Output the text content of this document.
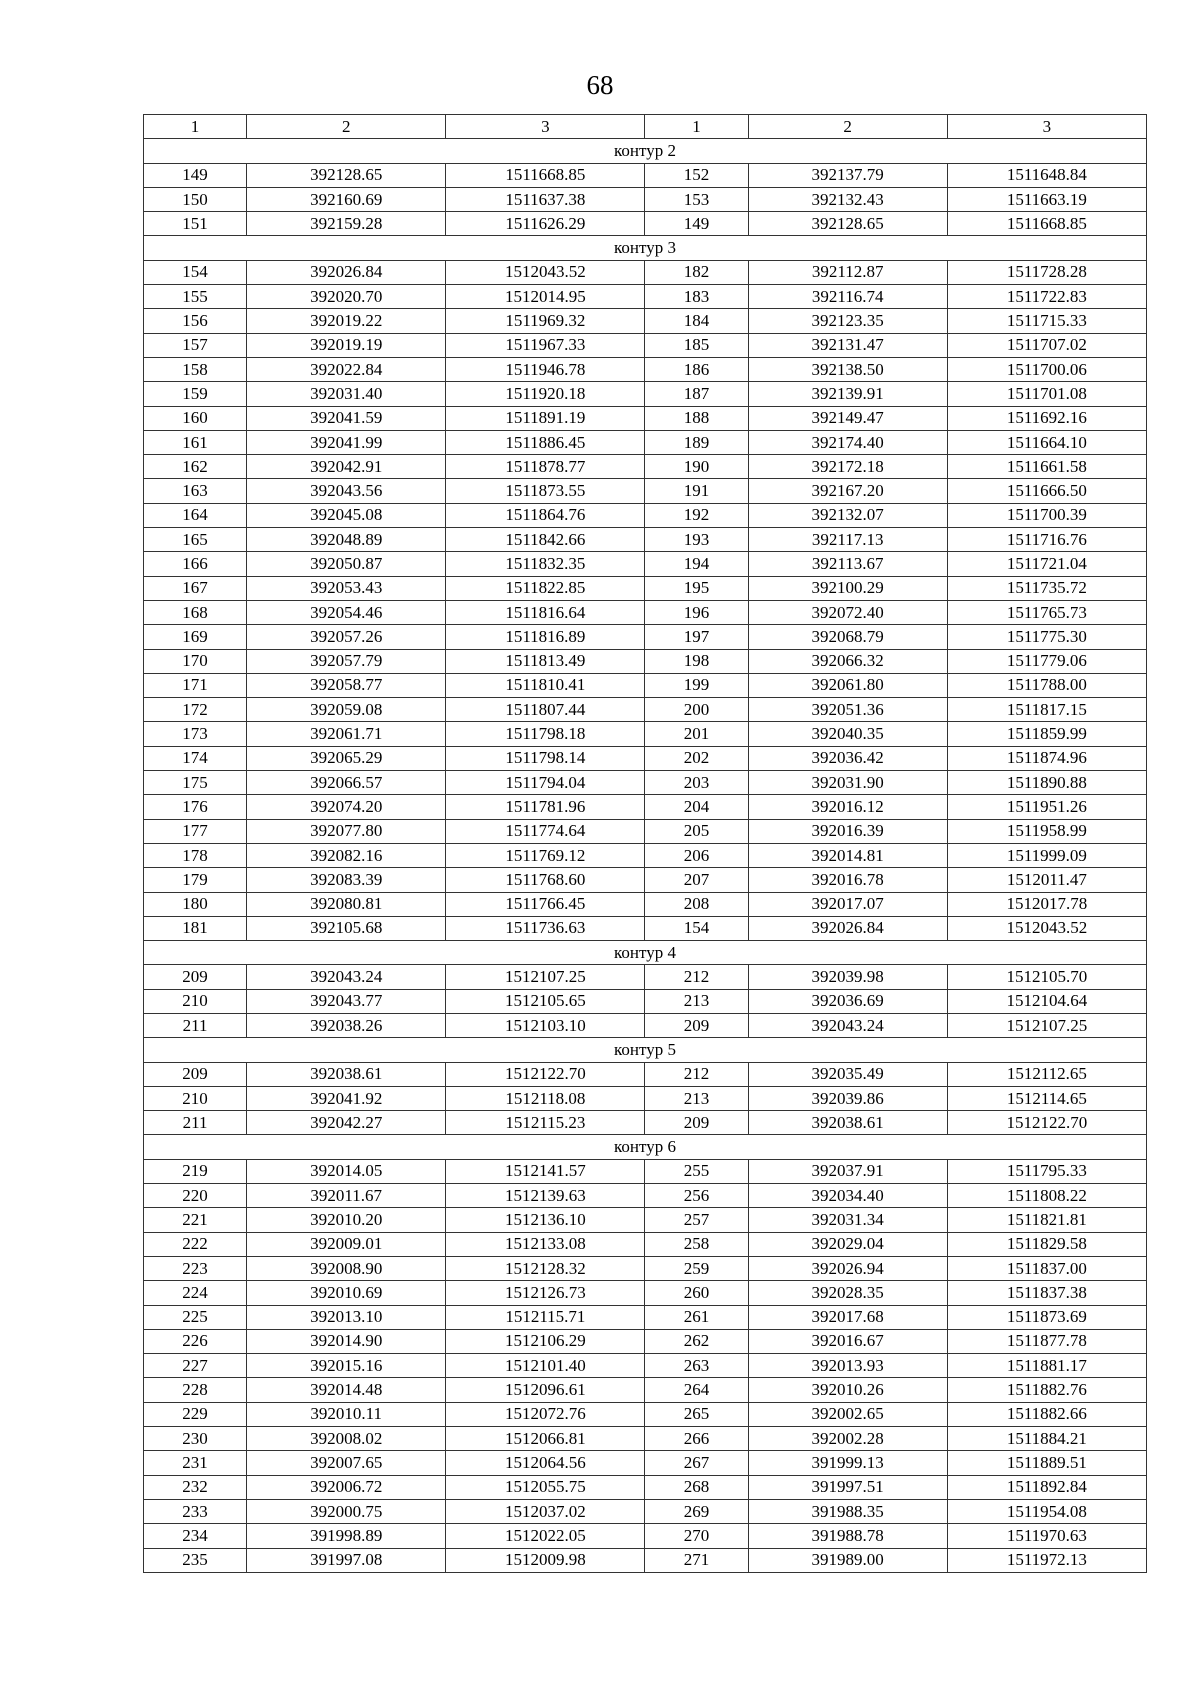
68
1	2	3	1	2	3
контур 2					
149	392128.65	1511668.85	152	392137.79	1511648.84
150	392160.69	1511637.38	153	392132.43	1511663.19
151	392159.28	1511626.29	149	392128.65	1511668.85
контур 3					
154	392026.84	1512043.52	182	392112.87	1511728.28
155	392020.70	1512014.95	183	392116.74	1511722.83
156	392019.22	1511969.32	184	392123.35	1511715.33
157	392019.19	1511967.33	185	392131.47	1511707.02
158	392022.84	1511946.78	186	392138.50	1511700.06
159	392031.40	1511920.18	187	392139.91	1511701.08
160	392041.59	1511891.19	188	392149.47	1511692.16
161	392041.99	1511886.45	189	392174.40	1511664.10
162	392042.91	1511878.77	190	392172.18	1511661.58
163	392043.56	1511873.55	191	392167.20	1511666.50
164	392045.08	1511864.76	192	392132.07	1511700.39
165	392048.89	1511842.66	193	392117.13	1511716.76
166	392050.87	1511832.35	194	392113.67	1511721.04
167	392053.43	1511822.85	195	392100.29	1511735.72
168	392054.46	1511816.64	196	392072.40	1511765.73
169	392057.26	1511816.89	197	392068.79	1511775.30
170	392057.79	1511813.49	198	392066.32	1511779.06
171	392058.77	1511810.41	199	392061.80	1511788.00
172	392059.08	1511807.44	200	392051.36	1511817.15
173	392061.71	1511798.18	201	392040.35	1511859.99
174	392065.29	1511798.14	202	392036.42	1511874.96
175	392066.57	1511794.04	203	392031.90	1511890.88
176	392074.20	1511781.96	204	392016.12	1511951.26
177	392077.80	1511774.64	205	392016.39	1511958.99
178	392082.16	1511769.12	206	392014.81	1511999.09
179	392083.39	1511768.60	207	392016.78	1512011.47
180	392080.81	1511766.45	208	392017.07	1512017.78
181	392105.68	1511736.63	154	392026.84	1512043.52
контур 4					
209	392043.24	1512107.25	212	392039.98	1512105.70
210	392043.77	1512105.65	213	392036.69	1512104.64
211	392038.26	1512103.10	209	392043.24	1512107.25
контур 5					
209	392038.61	1512122.70	212	392035.49	1512112.65
210	392041.92	1512118.08	213	392039.86	1512114.65
211	392042.27	1512115.23	209	392038.61	1512122.70
контур 6					
219	392014.05	1512141.57	255	392037.91	1511795.33
220	392011.67	1512139.63	256	392034.40	1511808.22
221	392010.20	1512136.10	257	392031.34	1511821.81
222	392009.01	1512133.08	258	392029.04	1511829.58
223	392008.90	1512128.32	259	392026.94	1511837.00
224	392010.69	1512126.73	260	392028.35	1511837.38
225	392013.10	1512115.71	261	392017.68	1511873.69
226	392014.90	1512106.29	262	392016.67	1511877.78
227	392015.16	1512101.40	263	392013.93	1511881.17
228	392014.48	1512096.61	264	392010.26	1511882.76
229	392010.11	1512072.76	265	392002.65	1511882.66
230	392008.02	1512066.81	266	392002.28	1511884.21
231	392007.65	1512064.56	267	391999.13	1511889.51
232	392006.72	1512055.75	268	391997.51	1511892.84
233	392000.75	1512037.02	269	391988.35	1511954.08
234	391998.89	1512022.05	270	391988.78	1511970.63
235	391997.08	1512009.98	271	391989.00	1511972.13
